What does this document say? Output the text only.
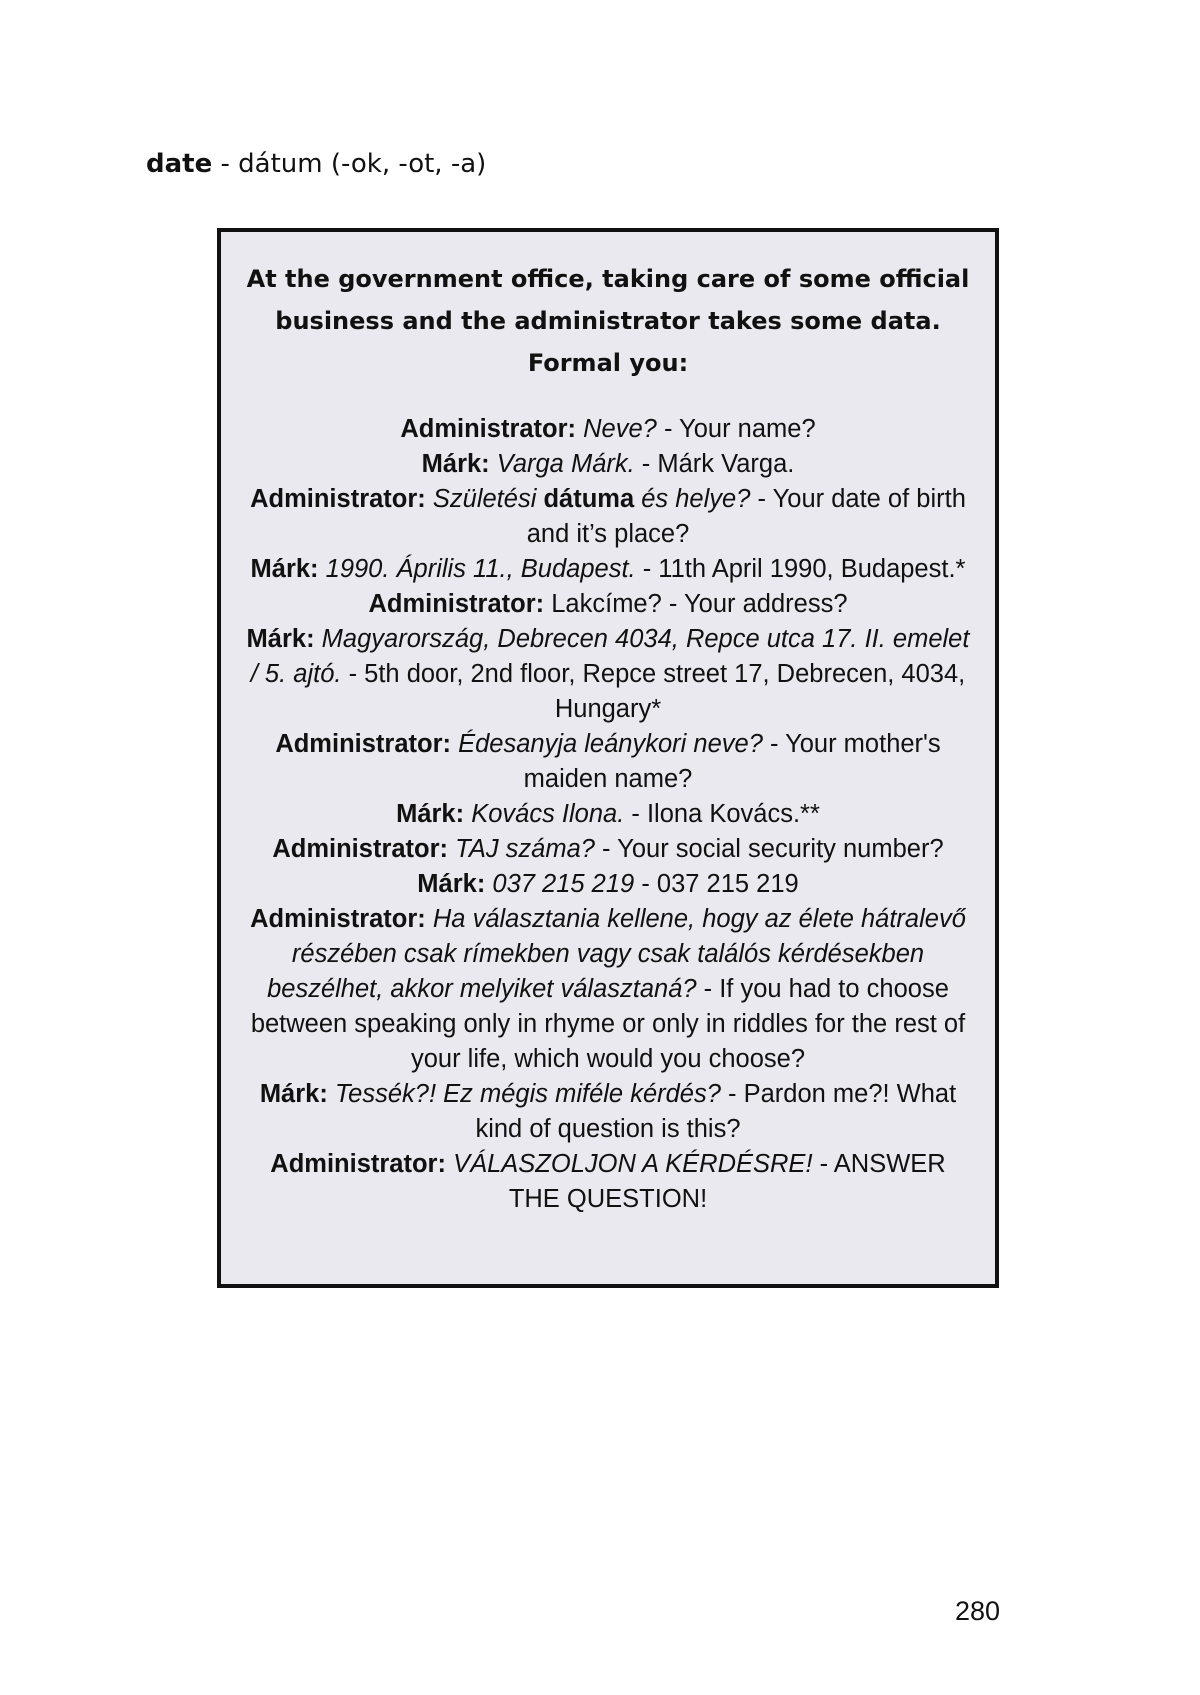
date - dátum (-ok, -ot, -a)

At the government office, taking care of some official business and the administrator takes some data. Formal you:

Administrator: Neve? - Your name?

Márk: Varga Márk. - Márk Varga.

Administrator: Születési dátuma és helye? - Your date of birth and it’s place?

Márk: 1990. Április 11., Budapest. - 11th April 1990, Budapest.*

Administrator: Lakcíme? - Your address?

Márk: Magyarország, Debrecen 4034, Repce utca 17. II. emelet / 5. ajtó. - 5th door, 2nd floor, Repce street 17, Debrecen, 4034, Hungary*

Administrator: Édesanyja leánykori neve? - Your mother's maiden name?

Márk: Kovács Ilona. - Ilona Kovács.**

Administrator: TAJ száma? - Your social security number?

Márk: 037 215 219 - 037 215 219

Administrator: Ha választania kellene, hogy az élete hátralevő részében csak rímekben vagy csak találós kérdésekben beszélhet, akkor melyiket választaná? - If you had to choose between speaking only in rhyme or only in riddles for the rest of your life, which would you choose?

Márk: Tessék?! Ez mégis miféle kérdés? - Pardon me?! What kind of question is this?

Administrator: VÁLASZOLJON A KÉRDÉSRE! - ANSWER THE QUESTION!

280
